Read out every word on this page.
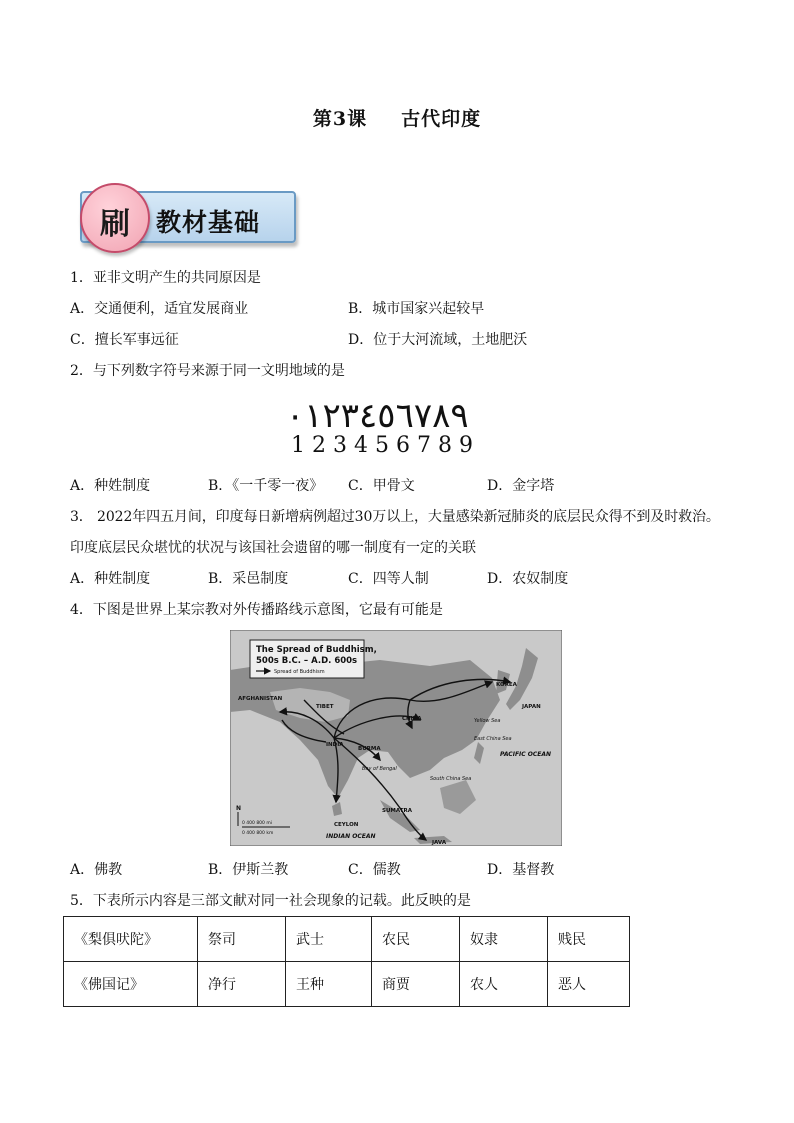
第3课 古代印度
刷	教材基础
1．亚非文明产生的共同原因是
A．交通便利，适宜发展商业	B．城市国家兴起较早
C．擅长军事远征	D．位于大河流域，土地肥沃
2．与下列数字符号来源于同一文明地域的是
٠١٢٣٤٥٦٧٨٩
123456789
A．种姓制度	B．《一千零一夜》 C．甲骨文	D．金字塔
3． 2022年四五月间，印度每日新增病例超过30万以上，大量感染新冠肺炎的底层民众得不到及时救治。
印度底层民众堪忧的状况与该国社会遗留的哪一制度有一定的关联
A．种姓制度	B．采邑制度	C．四等人制	D．农奴制度
4．下图是世界上某宗教对外传播路线示意图，它最有可能是
The Spread of Buddhism,
500s B.C. – A.D. 600s
Spread of Buddhism
AFGHANISTAN
TIBET
CHINA
KOREA
JAPAN
INDIA
BURMA
CEYLON
SUMATRA
JAVA
Yellow Sea
East China Sea
Bay of Bengal
South China Sea
PACIFIC OCEAN
INDIAN OCEAN
N
0 400 800 mi
0 400 800 km
A．佛教	B．伊斯兰教	C．儒教	D．基督教
5．下表所示内容是三部文献对同一社会现象的记载。此反映的是
《梨俱吠陀》	祭司	武士	农民	奴隶	贱民
《佛国记》	净行	王种	商贾	农人	恶人
